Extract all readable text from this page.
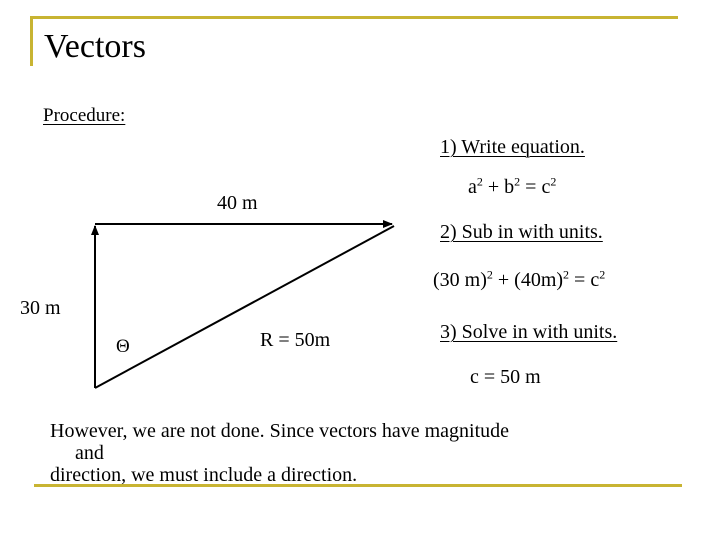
Vectors
Procedure:
1) Write equation.
2) Sub in with units.
3) Solve in with units.
$a^2 + b^2 = c^2$
(30 $m)^2 + (40m)^2 = c^2$
c = 50 m
40 m
30 m
R = 50m
Θ
However, we are not done. Since vectors have magnitude
and
direction, we must include a direction.
